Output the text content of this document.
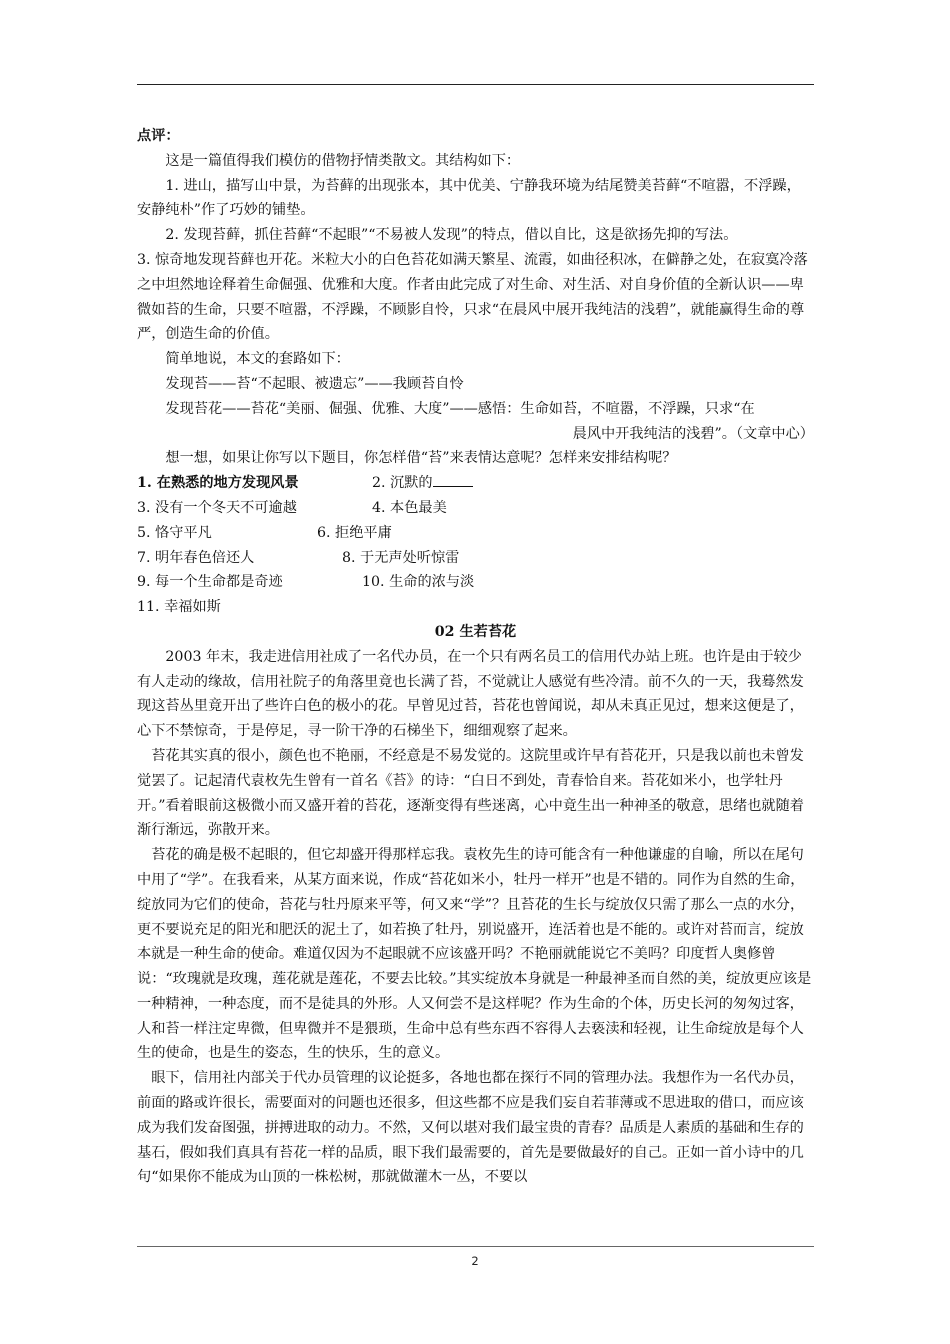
点评：

这是一篇值得我们模仿的借物抒情类散文。其结构如下：

1. 进山，描写山中景，为苔藓的出现张本，其中优美、宁静我环境为结尾赞美苔藓“不喧嚣，不浮躁，安静纯朴”作了巧妙的铺垫。

2. 发现苔藓，抓住苔藓“不起眼”“不易被人发现”的特点，借以自比，这是欲扬先抑的写法。

3. 惊奇地发现苔藓也开花。米粒大小的白色苔花如满天繁星、流霞，如曲径积冰，在僻静之处，在寂寞冷落之中坦然地诠释着生命倔强、优雅和大度。作者由此完成了对生命、对生活、对自身价值的全新认识——卑微如苔的生命，只要不喧嚣，不浮躁，不顾影自怜，只求“在晨风中展开我纯洁的浅碧”，就能赢得生命的尊严，创造生命的价值。

简单地说，本文的套路如下：

发现苔——苔“不起眼、被遗忘”——我顾苔自怜

发现苔花——苔花“美丽、倔强、优雅、大度”——感悟：生命如苔，不喧嚣，不浮躁，只求“在

晨风中开我纯洁的浅碧”。（文章中心）

想一想，如果让你写以下题目，你怎样借“苔”来表情达意呢？怎样来安排结构呢？

1. 在熟悉的地方发现风景	2. 沉默的
3. 没有一个冬天不可逾越	4. 本色最美
5. 恪守平凡	6. 拒绝平庸
7. 明年春色倍还人	8. 于无声处听惊雷
9. 每一个生命都是奇迹	10. 生命的浓与淡
11. 幸福如斯

02 生若苔花

2003 年末，我走进信用社成了一名代办员，在一个只有两名员工的信用代办站上班。也许是由于较少有人走动的缘故，信用社院子的角落里竟也长满了苔，不觉就让人感觉有些冷清。前不久的一天，我蓦然发现这苔丛里竟开出了些许白色的极小的花。早曾见过苔，苔花也曾闻说，却从未真正见过，想来这便是了，心下不禁惊奇，于是停足，寻一阶干净的石梯坐下，细细观察了起来。

苔花其实真的很小，颜色也不艳丽，不经意是不易发觉的。这院里或许早有苔花开，只是我以前也未曾发觉罢了。记起清代袁枚先生曾有一首名《苔》的诗：“白日不到处，青春恰自来。苔花如米小，也学牡丹开。”看着眼前这极微小而又盛开着的苔花，逐渐变得有些迷离，心中竟生出一种神圣的敬意，思绪也就随着渐行渐远，弥散开来。

苔花的确是极不起眼的，但它却盛开得那样忘我。袁枚先生的诗可能含有一种他谦虚的自喻，所以在尾句中用了“学”。在我看来，从某方面来说，作成“苔花如米小，牡丹一样开”也是不错的。同作为自然的生命，绽放同为它们的使命，苔花与牡丹原来平等，何又来“学”？且苔花的生长与绽放仅只需了那么一点的水分，更不要说充足的阳光和肥沃的泥土了，如若换了牡丹，别说盛开，连活着也是不能的。或许对苔而言，绽放本就是一种生命的使命。难道仅因为不起眼就不应该盛开吗？不艳丽就能说它不美吗？印度哲人奥修曾说：“玫瑰就是玫瑰，莲花就是莲花，不要去比较。”其实绽放本身就是一种最神圣而自然的美，绽放更应该是一种精神，一种态度，而不是徒具的外形。人又何尝不是这样呢？作为生命的个体，历史长河的匆匆过客，人和苔一样注定卑微，但卑微并不是猥琐，生命中总有些东西不容得人去亵渎和轻视，让生命绽放是每个人生的使命，也是生的姿态，生的快乐，生的意义。

眼下，信用社内部关于代办员管理的议论挺多，各地也都在探行不同的管理办法。我想作为一名代办员，前面的路或许很长，需要面对的问题也还很多，但这些都不应是我们妄自若菲薄或不思进取的借口，而应该成为我们发奋图强，拼搏进取的动力。不然，又何以堪对我们最宝贵的青春？品质是人素质的基础和生存的基石，假如我们真具有苔花一样的品质，眼下我们最需要的，首先是要做最好的自己。正如一首小诗中的几句“如果你不能成为山顶的一株松树，那就做灌木一丛，不要以

2
